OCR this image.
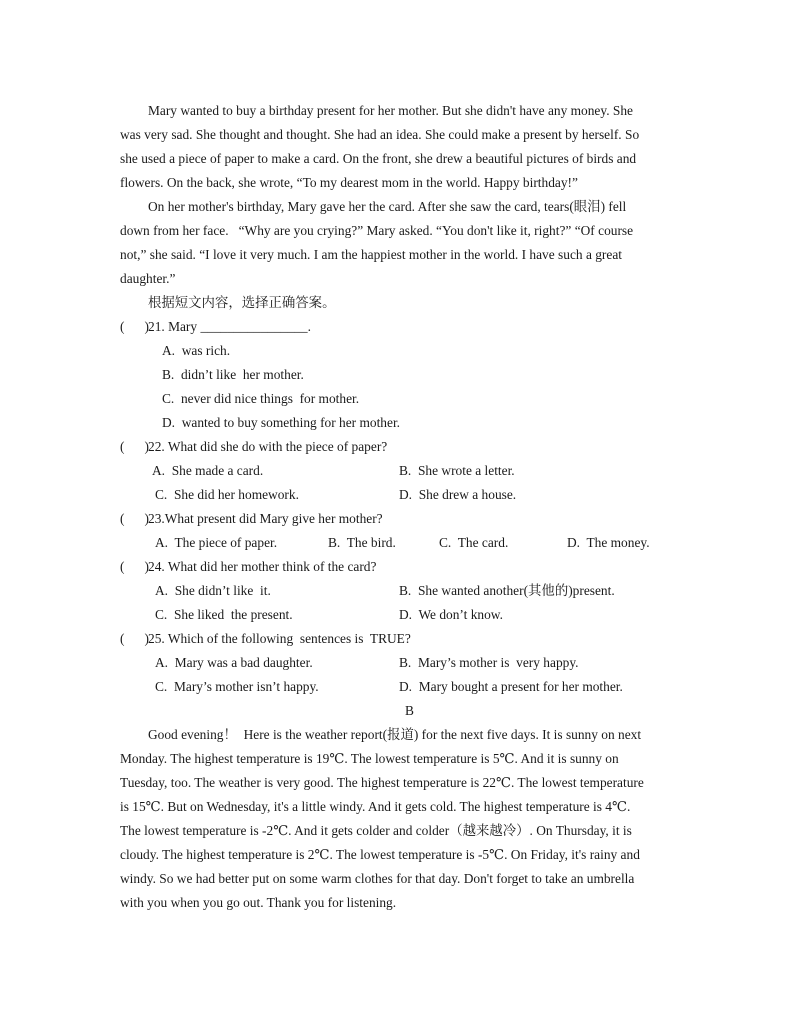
Mary wanted to buy a birthday present for her mother. But she didn't have any money. She
was very sad. She thought and thought. She had an idea. She could make a present by herself. So
she used a piece of paper to make a card. On the front, she drew a beautiful pictures of birds and
flowers. On the back, she wrote, “To my dearest mom in the world. Happy birthday!”
On her mother's birthday, Mary gave her the card. After she saw the card, tears(眼泪) fell
down from her face.   “Why are you crying?” Mary asked. “You don't like it, right?” “Of course
not,” she said. “I love it very much. I am the happiest mother in the world. I have such a great
daughter.”
根据短文内容，选择正确答案。
(      )
21. Mary ________________.
A.  was rich.
B.  didn’t like  her mother.
C.  never did nice things  for mother.
D.  wanted to buy something for her mother.
(      )
22. What did she do with the piece of paper?
A.  She made a card.	B.  She wrote a letter.
C.  She did her homework.	D.  She drew a house.
(      )
23.What present did Mary give her mother?
A.  The piece of paper.	B.  The bird.	C.  The card.	D.  The money.
(      )
24. What did her mother think of the card?
A.  She didn’t like  it.	B.  She wanted another(其他的)present.
C.  She liked  the present.	D.  We don’t know.
(      )
25. Which of the following  sentences is  TRUE?
A.  Mary was a bad daughter.	B.  Mary’s mother is  very happy.
C.  Mary’s mother isn’t happy.	D.  Mary bought a present for her mother.
B
Good evening！  Here is the weather report(报道) for the next five days. It is sunny on next
Monday. The highest temperature is 19℃. The lowest temperature is 5℃. And it is sunny on
Tuesday, too. The weather is very good. The highest temperature is 22℃. The lowest temperature
is 15℃. But on Wednesday, it's a little windy. And it gets cold. The highest temperature is 4℃.
The lowest temperature is -2℃. And it gets colder and colder（越来越冷）. On Thursday, it is
cloudy. The highest temperature is 2℃. The lowest temperature is -5℃. On Friday, it's rainy and
windy. So we had better put on some warm clothes for that day. Don't forget to take an umbrella
with you when you go out. Thank you for listening.
